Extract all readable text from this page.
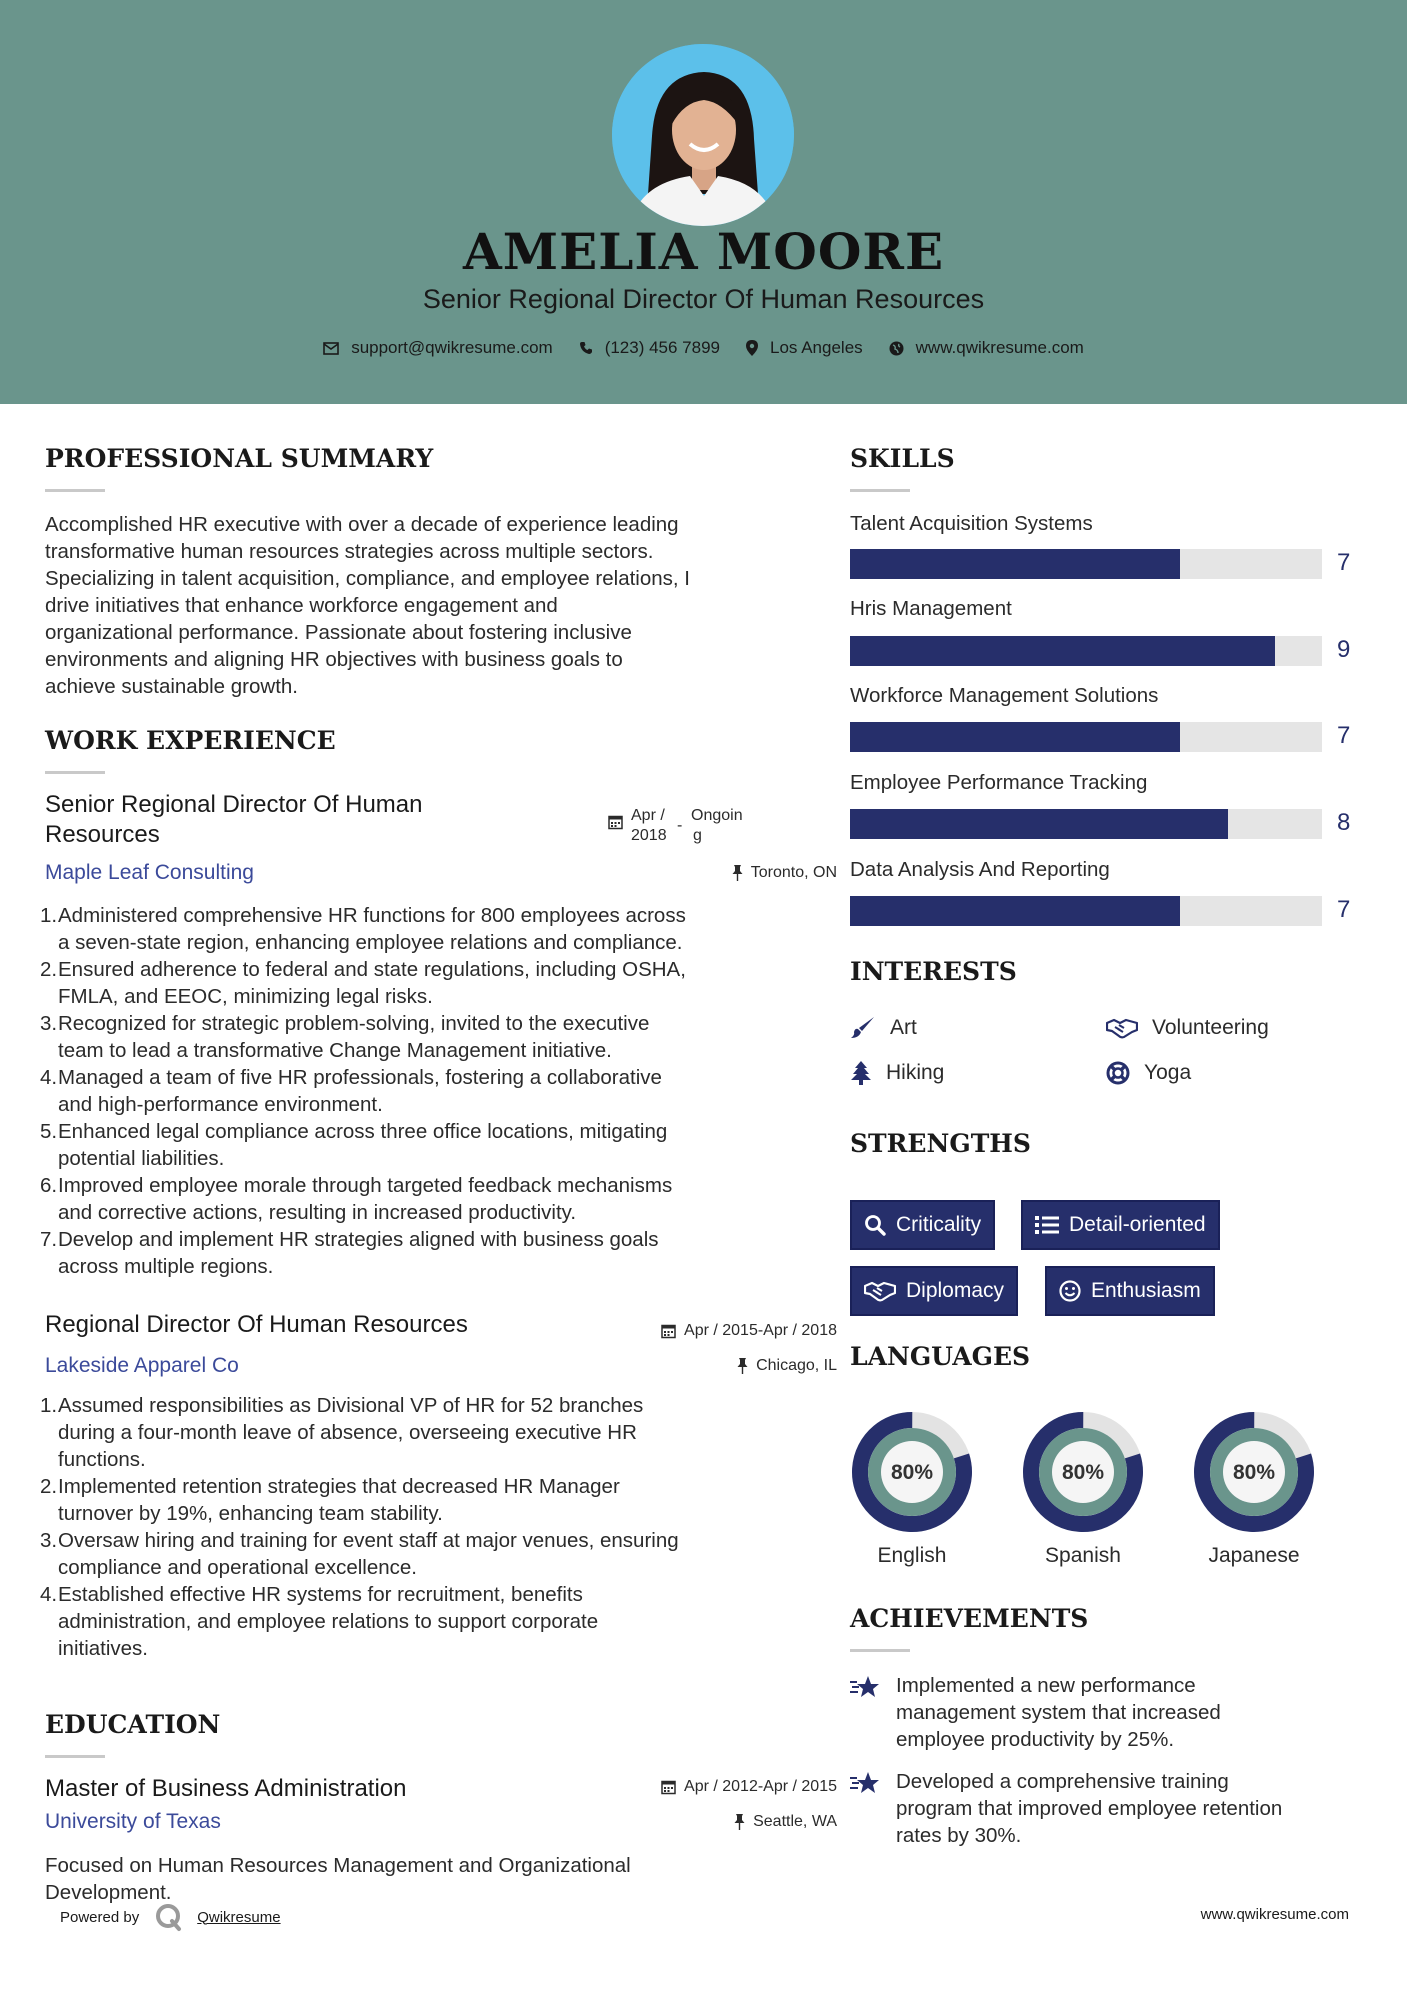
AMELIA MOORE
Senior Regional Director Of Human Resources
support@qwikresume.com	(123) 456 7899	Los Angeles	www.qwikresume.com
PROFESSIONAL SUMMARY
Accomplished HR executive with over a decade of experience leading
transformative human resources strategies across multiple sectors.
Specializing in talent acquisition, compliance, and employee relations, I
drive initiatives that enhance workforce engagement and
organizational performance. Passionate about fostering inclusive
environments and aligning HR objectives with business goals to
achieve sustainable growth.
WORK EXPERIENCE
Senior Regional Director Of Human
Resources
Apr /
2018
-
Ongoin
g
Maple Leaf Consulting	Toronto, ON
1. Administered comprehensive HR functions for 800 employees across
a seven-state region, enhancing employee relations and compliance.
2. Ensured adherence to federal and state regulations, including OSHA,
FMLA, and EEOC, minimizing legal risks.
3. Recognized for strategic problem-solving, invited to the executive
team to lead a transformative Change Management initiative.
4. Managed a team of five HR professionals, fostering a collaborative
and high-performance environment.
5. Enhanced legal compliance across three office locations, mitigating
potential liabilities.
6. Improved employee morale through targeted feedback mechanisms
and corrective actions, resulting in increased productivity.
7. Develop and implement HR strategies aligned with business goals
across multiple regions.
Regional Director Of Human Resources	Apr / 2015-Apr / 2018
Lakeside Apparel Co	Chicago, IL
1. Assumed responsibilities as Divisional VP of HR for 52 branches
during a four-month leave of absence, overseeing executive HR
functions.
2. Implemented retention strategies that decreased HR Manager
turnover by 19%, enhancing team stability.
3. Oversaw hiring and training for event staff at major venues, ensuring
compliance and operational excellence.
4. Established effective HR systems for recruitment, benefits
administration, and employee relations to support corporate
initiatives.
EDUCATION
Master of Business Administration	Apr / 2012-Apr / 2015
University of Texas	Seattle, WA
Focused on Human Resources Management and Organizational
Development.
SKILLS
Talent Acquisition Systems
7
Hris Management
9
Workforce Management Solutions
7
Employee Performance Tracking
8
Data Analysis And Reporting
7
INTERESTS
Art	Volunteering
Hiking	Yoga
STRENGTHS
Criticality	Detail-oriented
Diplomacy	Enthusiasm
LANGUAGES
80%
English
80%
Spanish
80%
Japanese
ACHIEVEMENTS
Implemented a new performance
management system that increased
employee productivity by 25%.
Developed a comprehensive training
program that improved employee retention
rates by 30%.
Powered by	Qwikresume	www.qwikresume.com
